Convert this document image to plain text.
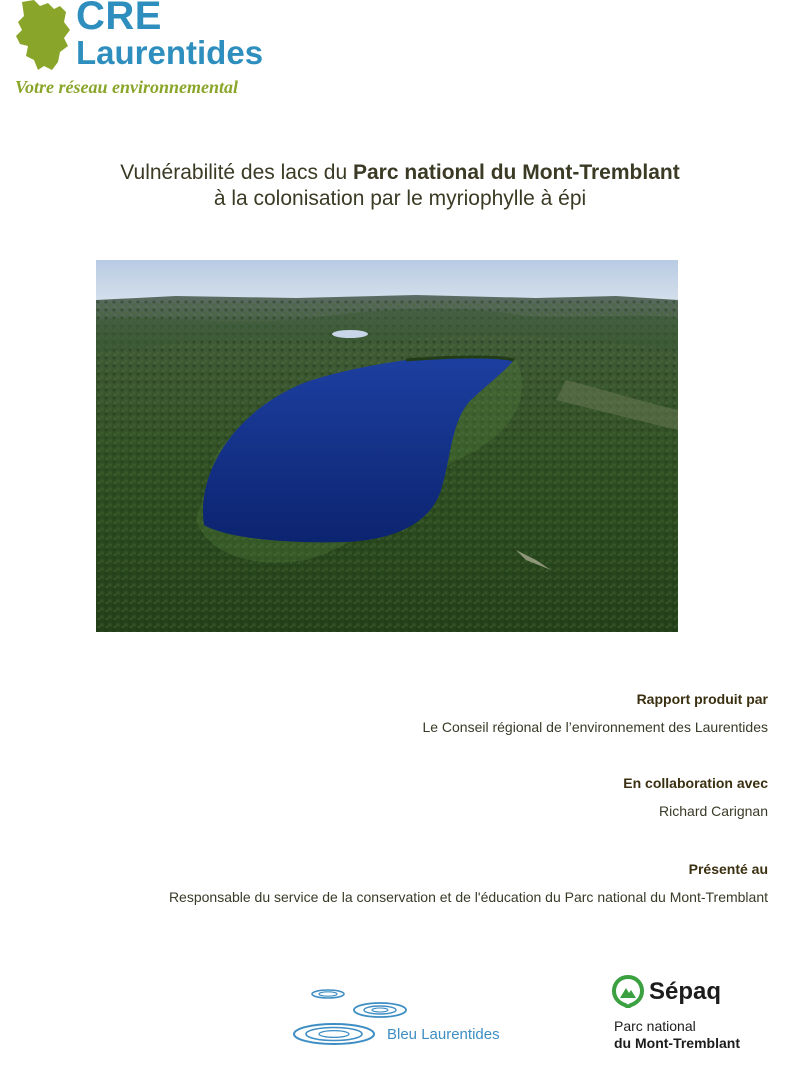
CRE
Laurentides
Votre réseau environnemental
Vulnérabilité des lacs du Parc national du Mont-Tremblant
à la colonisation par le myriophylle à épi
Rapport produit par
Le Conseil régional de l’environnement des Laurentides
En collaboration avec
Richard Carignan
Présenté au
Responsable du service de la conservation et de l'éducation du Parc national du Mont-Tremblant
Bleu Laurentides
Sépaq
Parc national
du Mont-Tremblant
